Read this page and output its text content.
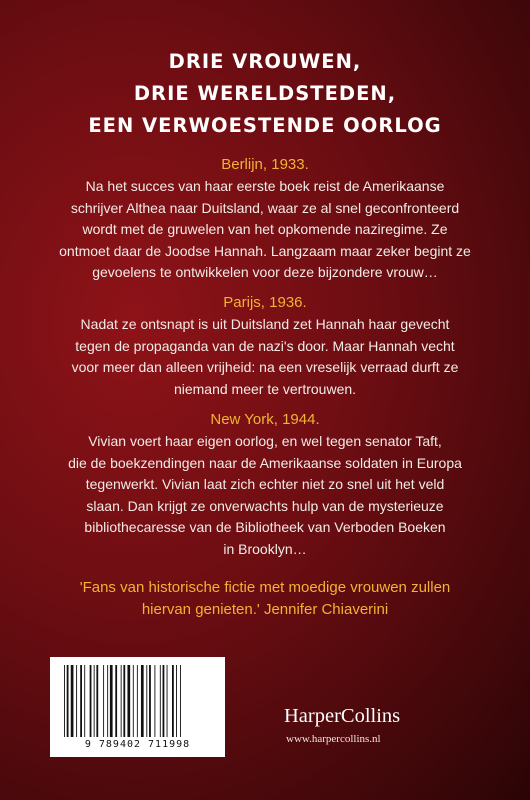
DRIE VROUWEN,
DRIE WERELDSTEDEN,
EEN VERWOESTENDE OORLOG
Berlijn, 1933.
Na het succes van haar eerste boek reist de Amerikaanse
schrijver Althea naar Duitsland, waar ze al snel geconfronteerd
wordt met de gruwelen van het opkomende naziregime. Ze
ontmoet daar de Joodse Hannah. Langzaam maar zeker begint ze
gevoelens te ontwikkelen voor deze bijzondere vrouw…
Parijs, 1936.
Nadat ze ontsnapt is uit Duitsland zet Hannah haar gevecht
tegen de propaganda van de nazi's door. Maar Hannah vecht
voor meer dan alleen vrijheid: na een vreselijk verraad durft ze
niemand meer te vertrouwen.
New York, 1944.
Vivian voert haar eigen oorlog, en wel tegen senator Taft,
die de boekzendingen naar de Amerikaanse soldaten in Europa
tegenwerkt. Vivian laat zich echter niet zo snel uit het veld
slaan. Dan krijgt ze onverwachts hulp van de mysterieuze
bibliothecaresse van de Bibliotheek van Verboden Boeken
in Brooklyn…
'Fans van historische fictie met moedige vrouwen zullen
hiervan genieten.' Jennifer Chiaverini
9 789402 711998
HarperCollins
www.harpercollins.nl
